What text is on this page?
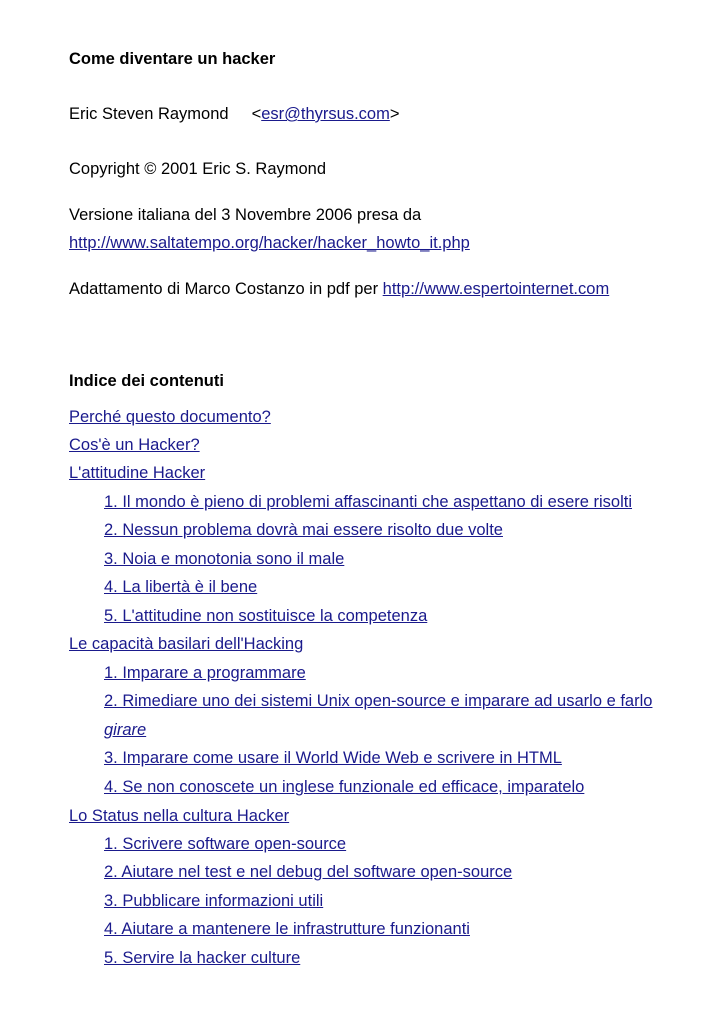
Come diventare un hacker
Eric Steven Raymond <esr@thyrsus.com>
Copyright © 2001 Eric S. Raymond
Versione italiana del 3 Novembre 2006 presa da
http://www.saltatempo.org/hacker/hacker_howto_it.php
Adattamento di Marco Costanzo in pdf per http://www.espertointernet.com
Indice dei contenuti
Perché questo documento?
Cos'è un Hacker?
L'attitudine Hacker
1. Il mondo è pieno di problemi affascinanti che aspettano di esere risolti
2. Nessun problema dovrà mai essere risolto due volte
3. Noia e monotonia sono il male
4. La libertà è il bene
5. L'attitudine non sostituisce la competenza
Le capacità basilari dell'Hacking
1. Imparare a programmare
2. Rimediare uno dei sistemi Unix open-source e imparare ad usarlo e farlo
girare
3. Imparare come usare il World Wide Web e scrivere in HTML
4. Se non conoscete un inglese funzionale ed efficace, imparatelo
Lo Status nella cultura Hacker
1. Scrivere software open-source
2. Aiutare nel test e nel debug del software open-source
3. Pubblicare informazioni utili
4. Aiutare a mantenere le infrastrutture funzionanti
5. Servire la hacker culture
